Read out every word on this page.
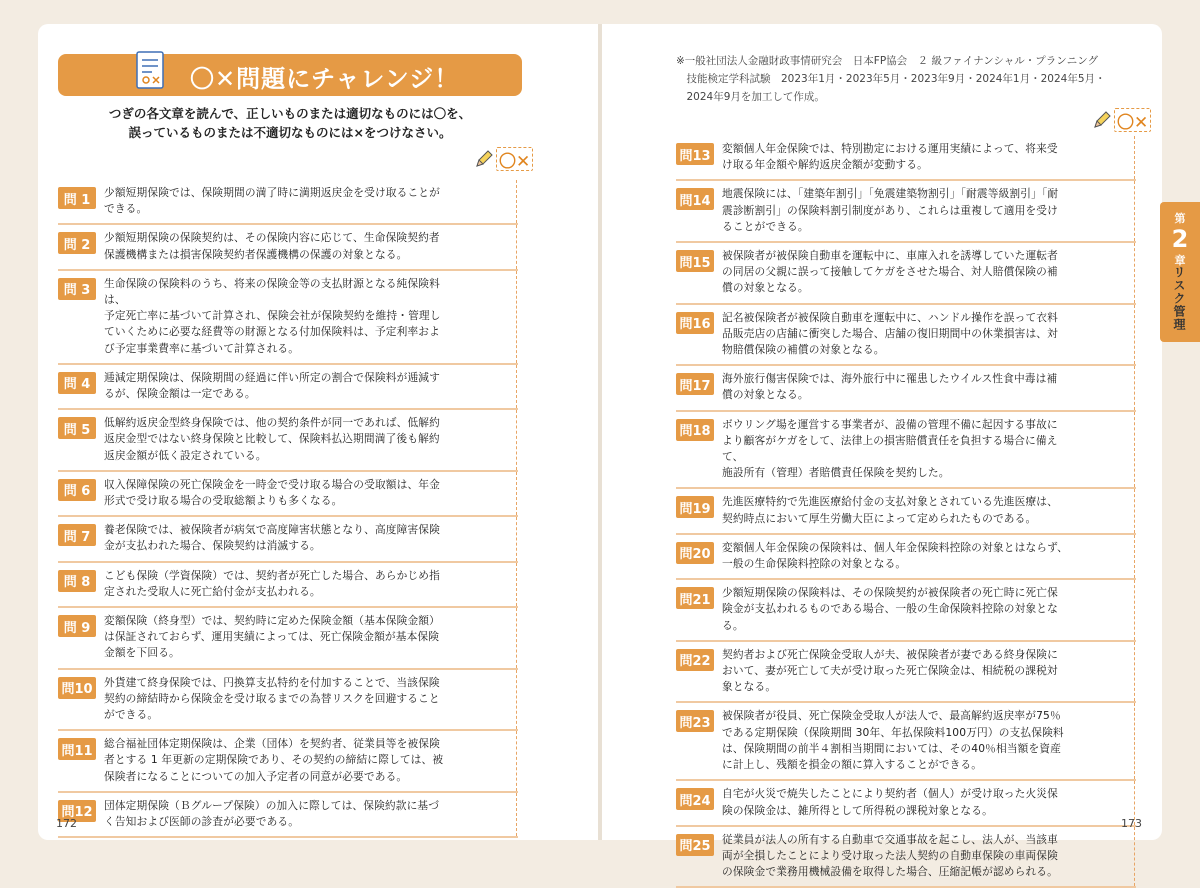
〇✕問題にチャレンジ！
つぎの各文章を読んで、正しいものまたは適切なものには〇を、
誤っているものまたは不適切なものには×をつけなさい。
〇✕
問 1	少額短期保険では、保険期間の満了時に満期返戻金を受け取ることが
できる。
問 2	少額短期保険の保険契約は、その保険内容に応じて、生命保険契約者
保護機構または損害保険契約者保護機構の保護の対象となる。
問 3	生命保険の保険料のうち、将来の保険金等の支払財源となる純保険料は、
予定死亡率に基づいて計算され、保険会社が保険契約を維持・管理し
ていくために必要な経費等の財源となる付加保険料は、予定利率およ
び予定事業費率に基づいて計算される。
問 4	逓減定期保険は、保険期間の経過に伴い所定の割合で保険料が逓減す
るが、保険金額は一定である。
問 5	低解約返戻金型終身保険では、他の契約条件が同一であれば、低解約
返戻金型ではない終身保険と比較して、保険料払込期間満了後も解約
返戻金額が低く設定されている。
問 6	収入保障保険の死亡保険金を一時金で受け取る場合の受取額は、年金
形式で受け取る場合の受取総額よりも多くなる。
問 7	養老保険では、被保険者が病気で高度障害状態となり、高度障害保険
金が支払われた場合、保険契約は消滅する。
問 8	こども保険（学資保険）では、契約者が死亡した場合、あらかじめ指
定された受取人に死亡給付金が支払われる。
問 9	変額保険（終身型）では、契約時に定めた保険金額（基本保険金額）
は保証されておらず、運用実績によっては、死亡保険金額が基本保険
金額を下回る。
問10	外貨建て終身保険では、円換算支払特約を付加することで、当該保険
契約の締結時から保険金を受け取るまでの為替リスクを回避すること
ができる。
問11	総合福祉団体定期保険は、企業（団体）を契約者、従業員等を被保険
者とする 1 年更新の定期保険であり、その契約の締結に際しては、被
保険者になることについての加入予定者の同意が必要である。
問12	団体定期保険（Ｂグループ保険）の加入に際しては、保険約款に基づ
く告知および医師の診査が必要である。
172
※一般社団法人金融財政事情研究会　日本FP協会　２ 級ファイナンシャル・プランニング
　技能検定学科試験　2023年1月・2023年5月・2023年9月・2024年1月・2024年5月・
　2024年9月を加工して作成。
〇✕
問13	変額個人年金保険では、特別勘定における運用実績によって、将来受
け取る年金額や解約返戻金額が変動する。
問14	地震保険には、「建築年割引」「免震建築物割引」「耐震等級割引」「耐
震診断割引」の保険料割引制度があり、これらは重複して適用を受け
ることができる。
問15	被保険者が被保険自動車を運転中に、車庫入れを誘導していた運転者
の同居の父親に誤って接触してケガをさせた場合、対人賠償保険の補
償の対象となる。
問16	記名被保険者が被保険自動車を運転中に、ハンドル操作を誤って衣料
品販売店の店舗に衝突した場合、店舗の復旧期間中の休業損害は、対
物賠償保険の補償の対象となる。
問17	海外旅行傷害保険では、海外旅行中に罹患したウイルス性食中毒は補
償の対象となる。
問18	ボウリング場を運営する事業者が、設備の管理不備に起因する事故に
より顧客がケガをして、法律上の損害賠償責任を負担する場合に備えて、
施設所有（管理）者賠償責任保険を契約した。
問19	先進医療特約で先進医療給付金の支払対象とされている先進医療は、
契約時点において厚生労働大臣によって定められたものである。
問20	変額個人年金保険の保険料は、個人年金保険料控除の対象とはならず、
一般の生命保険料控除の対象となる。
問21	少額短期保険の保険料は、その保険契約が被保険者の死亡時に死亡保
険金が支払われるものである場合、一般の生命保険料控除の対象となる。
問22	契約者および死亡保険金受取人が夫、被保険者が妻である終身保険に
おいて、妻が死亡して夫が受け取った死亡保険金は、相続税の課税対
象となる。
問23	被保険者が役員、死亡保険金受取人が法人で、最高解約返戻率が75％
である定期保険（保険期間 30年、年払保険料100万円）の支払保険料
は、保険期間の前半４割相当期間においては、その40％相当額を資産
に計上し、残額を損金の額に算入することができる。
問24	自宅が火災で焼失したことにより契約者（個人）が受け取った火災保
険の保険金は、雑所得として所得税の課税対象となる。
問25	従業員が法人の所有する自動車で交通事故を起こし、法人が、当該車
両が全損したことにより受け取った法人契約の自動車保険の車両保険
の保険金で業務用機械設備を取得した場合、圧縮記帳が認められる。
173
第
2
章
リスク管理
